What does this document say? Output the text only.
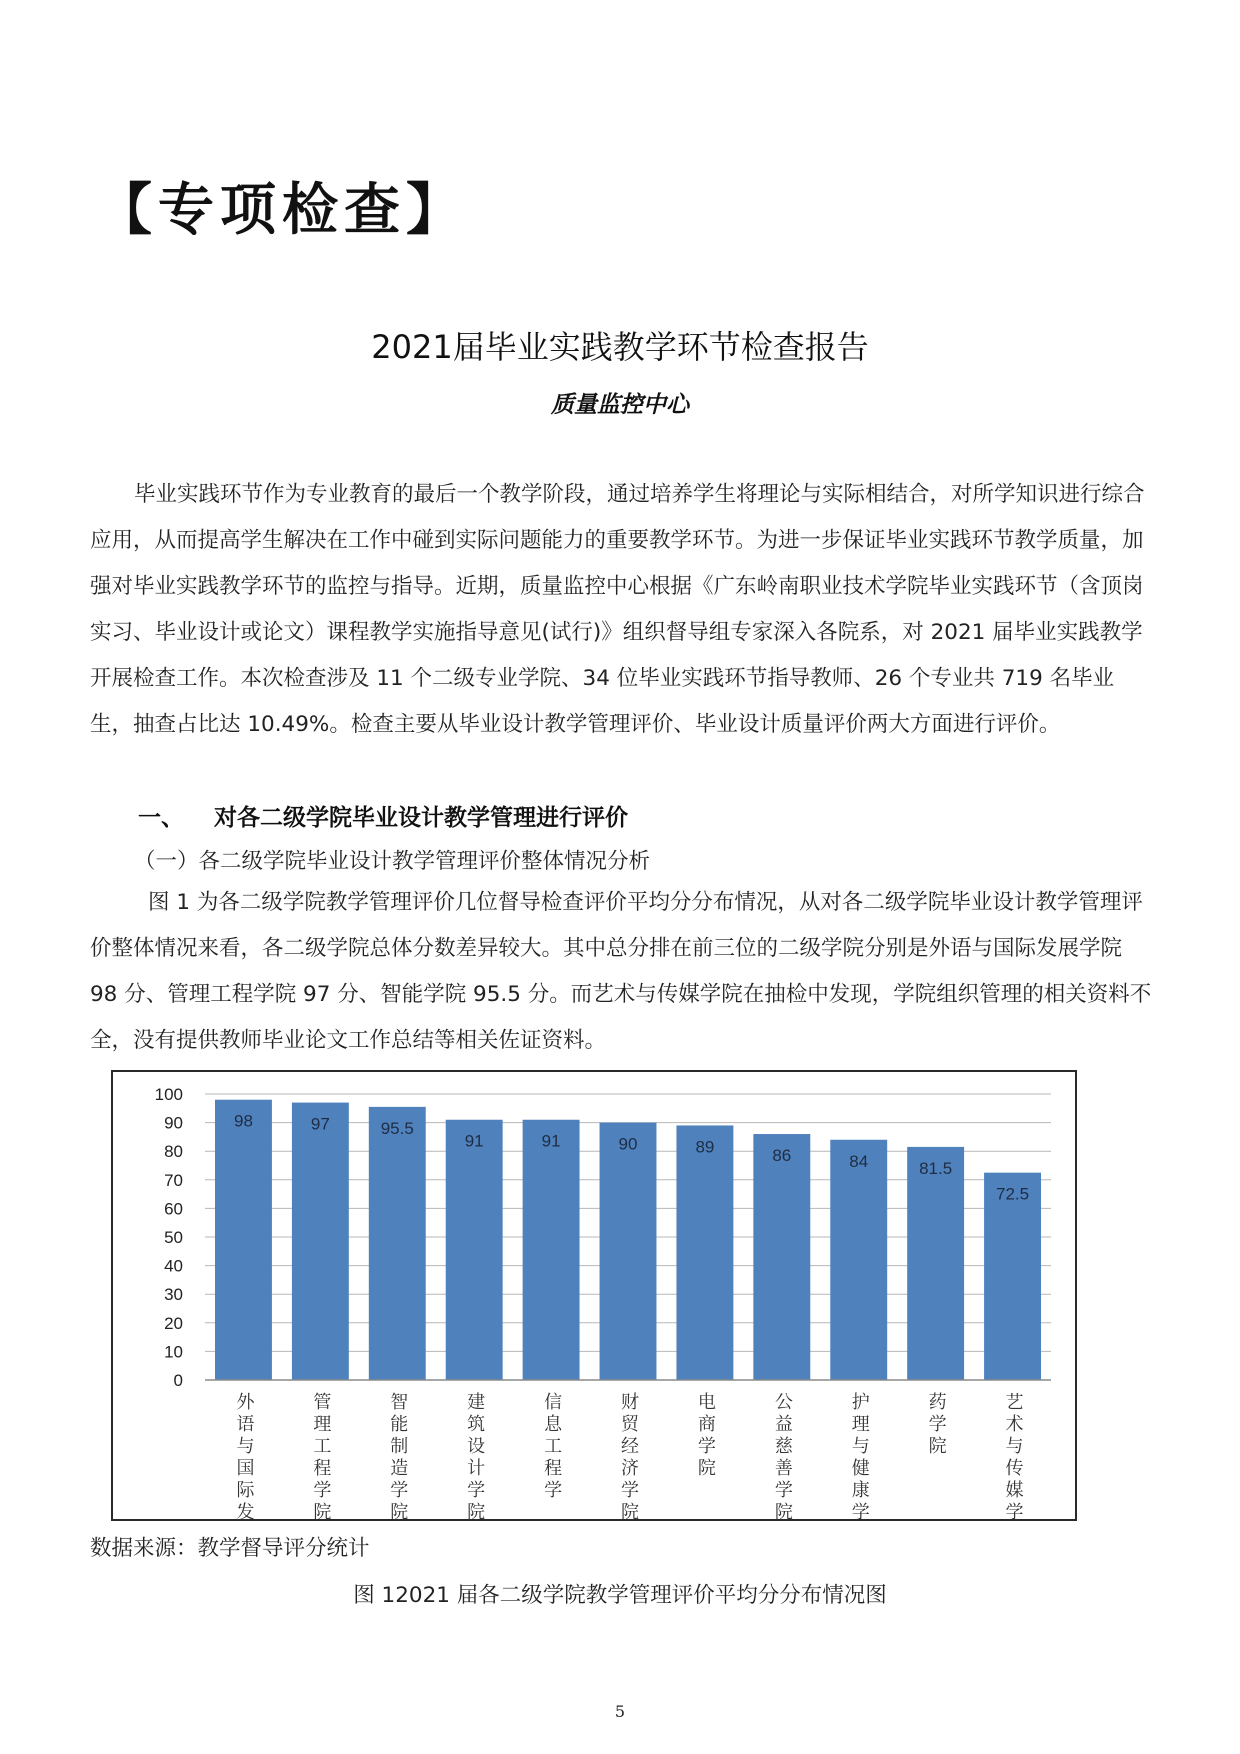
【专项检查】
2021届毕业实践教学环节检查报告
质量监控中心

毕业实践环节作为专业教育的最后一个教学阶段，通过培养学生将理论与实际相结合，对所学知识进行综合应用，从而提高学生解决在工作中碰到实际问题能力的重要教学环节。为进一步保证毕业实践环节教学质量，加强对毕业实践教学环节的监控与指导。近期，质量监控中心根据《广东岭南职业技术学院毕业实践环节（含顶岗实习、毕业设计或论文）课程教学实施指导意见(试行)》组织督导组专家深入各院系，对 2021 届毕业实践教学开展检查工作。本次检查涉及 11 个二级专业学院、34 位毕业实践环节指导教师、26 个专业共 719 名毕业生，抽查占比达 10.49%。检查主要从毕业设计教学管理评价、毕业设计质量评价两大方面进行评价。

一、 对各二级学院毕业设计教学管理进行评价
（一）各二级学院毕业设计教学管理评价整体情况分析

图 1 为各二级学院教学管理评价几位督导检查评价平均分分布情况，从对各二级学院毕业设计教学管理评价整体情况来看，各二级学院总体分数差异较大。其中总分排在前三位的二级学院分别是外语与国际发展学院 98 分、管理工程学院 97 分、智能学院 95.5 分。而艺术与传媒学院在抽检中发现，学院组织管理的相关资料不全，没有提供教师毕业论文工作总结等相关佐证资料。

0
10
20
30
40
50
60
70
80
90
100
98
外语与国际发
97
管理工程学院
95.5
智能制造学院
91
建筑设计学院
91
信息工程学
90
财贸经济学院
89
电商学院
86
公益慈善学院
84
护理与健康学
81.5
药学院
72.5
艺术与传媒学
数据来源：教学督导评分统计
图 12021 届各二级学院教学管理评价平均分分布情况图
5
